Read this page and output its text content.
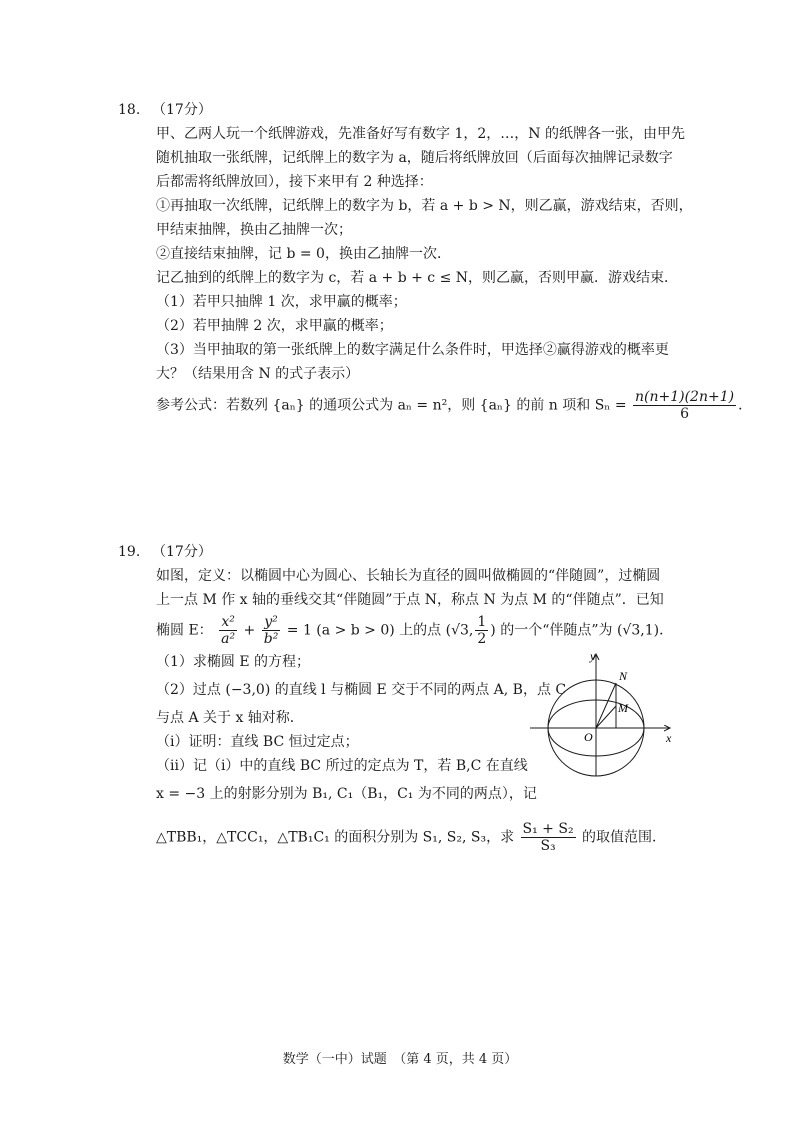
18. （17分）
甲、乙两人玩一个纸牌游戏，先准备好写有数字 1，2，…，N 的纸牌各一张，由甲先
随机抽取一张纸牌，记纸牌上的数字为 a，随后将纸牌放回（后面每次抽牌记录数字
后都需将纸牌放回），接下来甲有 2 种选择：
①再抽取一次纸牌，记纸牌上的数字为 b，若 a + b > N，则乙赢，游戏结束，否则，
甲结束抽牌，换由乙抽牌一次；
②直接结束抽牌，记 b = 0，换由乙抽牌一次．
记乙抽到的纸牌上的数字为 c，若 a + b + c ≤ N，则乙赢，否则甲赢．游戏结束．
（1）若甲只抽牌 1 次，求甲赢的概率；
（2）若甲抽牌 2 次，求甲赢的概率；
（3）当甲抽取的第一张纸牌上的数字满足什么条件时，甲选择②赢得游戏的概率更
大？（结果用含 N 的式子表示）
参考公式：若数列 {aₙ} 的通项公式为 aₙ = n²，则 {aₙ} 的前 n 项和 $S_n = \frac{n(n+1)(2n+1)}{6}$ ．
19. （17分）
如图，定义：以椭圆中心为圆心、长轴长为直径的圆叫做椭圆的“伴随圆”，过椭圆
上一点 M 作 x 轴的垂线交其“伴随圆”于点 N，称点 N 为点 M 的“伴随点”．已知
椭圆 E： $\frac{\text{x²}}{\text{a²}} + \frac{\text{y²}}{\text{b²}} = 1$ (a > b > 0) 上的点 (√3, $\frac{1}{2}$ ) 的一个“伴随点”为 (√3,1)．
（1）求椭圆 E 的方程；
（2）过点 (−3,0) 的直线 l 与椭圆 E 交于不同的两点 A, B，点 C
与点 A 关于 x 轴对称．
（i）证明：直线 BC 恒过定点；
（ii）记（i）中的直线 BC 所过的定点为 T，若 B,C 在直线
x = −3 上的射影分别为 B₁, C₁（B₁，C₁ 为不同的两点），记
△TBB₁，△TCC₁，△TB₁C₁ 的面积分别为 S₁, S₂, S₃，求 $\frac{\text{S₁ + S₂}}{\text{S₃}}$ 的取值范围．
y
x
O
N
M
数学（一中）试题　（第 4 页，共 4 页）
